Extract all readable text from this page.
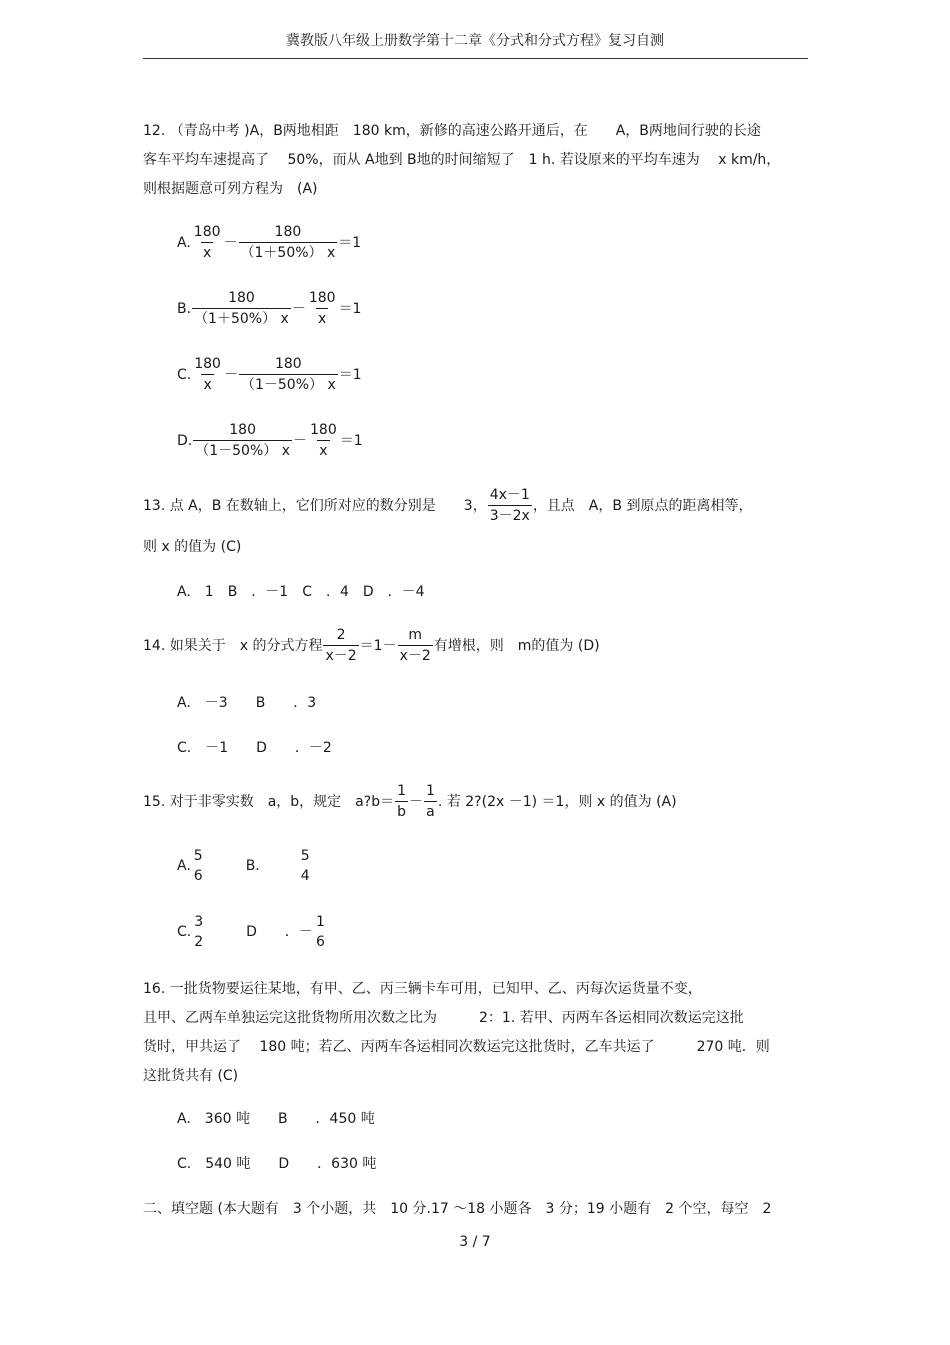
冀教版八年级上册数学第十二章《分式和分式方程》复习自测
12. （青岛中考 )A，B两地相距　180 km，新修的高速公路开通后，在　　A，B两地间行驶的长途
客车平均车速提高了　 50%，而从 A地到 B地的时间缩短了　1 h. 若设原来的平均车速为　 x km/h，
则根据题意可列方程为　(A)
A. $\frac{180}{x} - \frac{180}{(1+50\%) x} =1$
B. $\frac{180}{(1+50\%) x} - \frac{180}{x} =1$
C. $\frac{180}{x} - \frac{180}{(1-50\%) x} =1$
D. $\frac{180}{(1-50\%) x} - \frac{180}{x} =1$
13. 点 A，B 在数轴上，它们所对应的数分别是　　3， $\frac{4x-1}{3-2x}$ ，且点　A，B 到原点的距离相等，
则 x 的值为 (C)
A.　1　B　．－1　C　．4　D　．－4
14. 如果关于　x 的分式方程 $\frac{2}{x-2} =1- \frac{m}{x-2}$ 有增根，则　m的值为 (D)
A.　－3　　B　　．3
C.　－1　　D　　．－2
15. 对于非零实数　a，b，规定　a?b＝ $\frac{1}{b} - \frac{1}{a}$ . 若 2?(2x －1) ＝1，则 x 的值为 (A)
A.
5
6
B.
5
4
C.
3
2
D　　．－
1
6
16. 一批货物要运往某地，有甲、乙、丙三辆卡车可用，已知甲、乙、丙每次运货量不变，
且甲、乙两车单独运完这批货物所用次数之比为　　　2：1. 若甲、丙两车各运相同次数运完这批
货时，甲共运了　 180 吨；若乙、丙两车各运相同次数运完这批货时，乙车共运了　　　270 吨．则
这批货共有 (C)
A.　360 吨　　B　　．450 吨
C.　540 吨　　D　　．630 吨
二、填空题 (本大题有　3 个小题，共　10 分.17 ～18 小题各　3 分；19 小题有　2 个空，每空　2
3 / 7
